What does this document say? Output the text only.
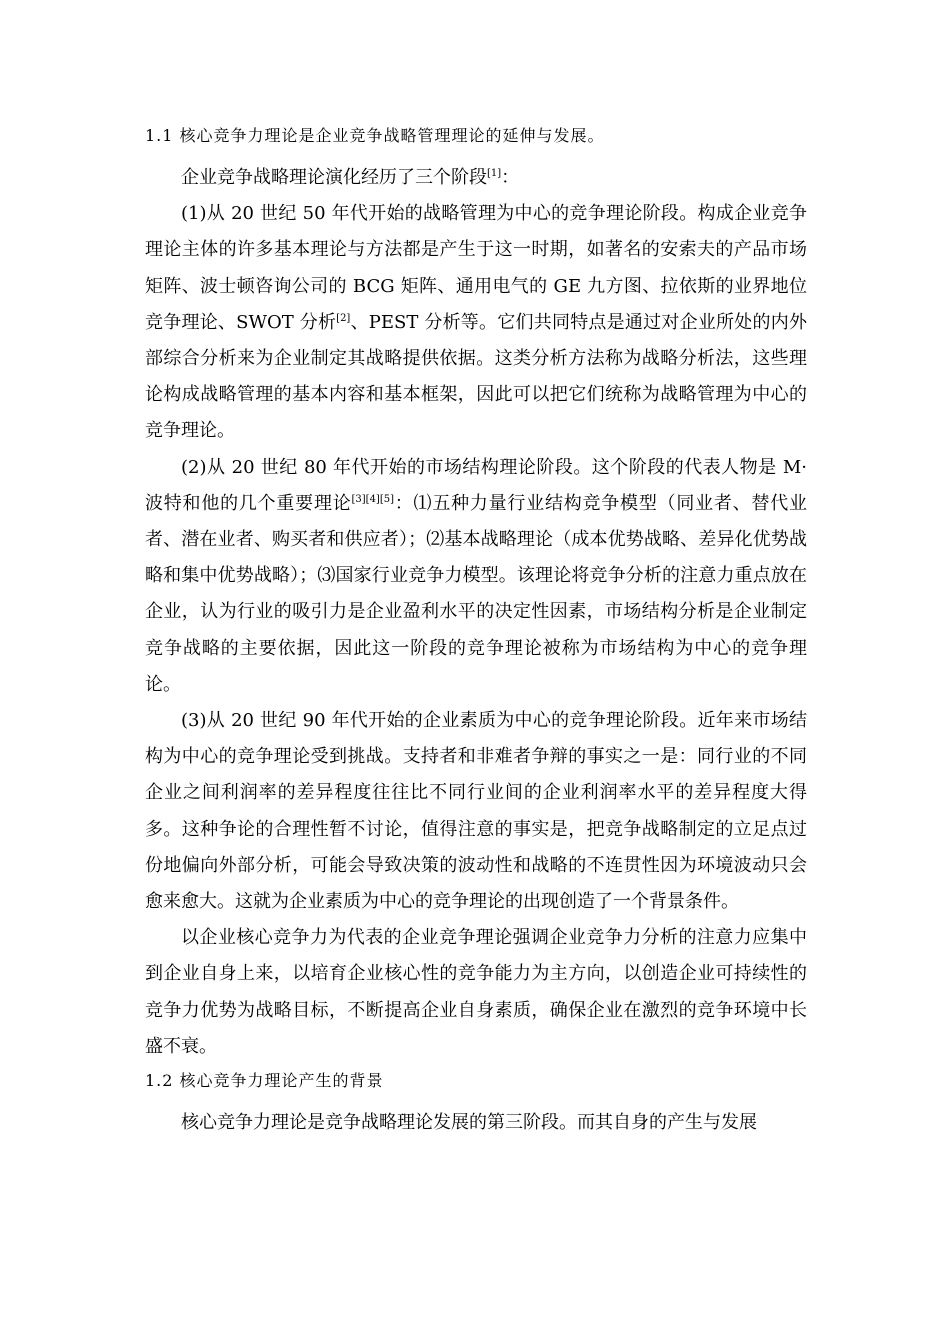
1.1 核心竞争力理论是企业竞争战略管理理论的延伸与发展。

企业竞争战略理论演化经历了三个阶段[1]：

(1)从 20 世纪 50 年代开始的战略管理为中心的竞争理论阶段。构成企业竞争理论主体的许多基本理论与方法都是产生于这一时期，如著名的安索夫的产品市场矩阵、波士顿咨询公司的 BCG 矩阵、通用电气的 GE 九方图、拉依斯的业界地位竞争理论、SWOT 分析[2]、PEST 分析等。它们共同特点是通过对企业所处的内外部综合分析来为企业制定其战略提供依据。这类分析方法称为战略分析法，这些理论构成战略管理的基本内容和基本框架，因此可以把它们统称为战略管理为中心的竞争理论。

(2)从 20 世纪 80 年代开始的市场结构理论阶段。这个阶段的代表人物是 M·波特和他的几个重要理论[3][4][5]：⑴五种力量行业结构竞争模型（同业者、替代业者、潜在业者、购买者和供应者）；⑵基本战略理论（成本优势战略、差异化优势战略和集中优势战略）；⑶国家行业竞争力模型。该理论将竞争分析的注意力重点放在企业，认为行业的吸引力是企业盈利水平的决定性因素，市场结构分析是企业制定竞争战略的主要依据，因此这一阶段的竞争理论被称为市场结构为中心的竞争理论。

(3)从 20 世纪 90 年代开始的企业素质为中心的竞争理论阶段。近年来市场结构为中心的竞争理论受到挑战。支持者和非难者争辩的事实之一是：同行业的不同企业之间利润率的差异程度往往比不同行业间的企业利润率水平的差异程度大得多。这种争论的合理性暂不讨论，值得注意的事实是，把竞争战略制定的立足点过份地偏向外部分析，可能会导致决策的波动性和战略的不连贯性因为环境波动只会愈来愈大。这就为企业素质为中心的竞争理论的出现创造了一个背景条件。

以企业核心竞争力为代表的企业竞争理论强调企业竞争力分析的注意力应集中到企业自身上来，以培育企业核心性的竞争能力为主方向，以创造企业可持续性的竞争力优势为战略目标，不断提高企业自身素质，确保企业在激烈的竞争环境中长盛不衰。

1.2 核心竞争力理论产生的背景

核心竞争力理论是竞争战略理论发展的第三阶段。而其自身的产生与发展
